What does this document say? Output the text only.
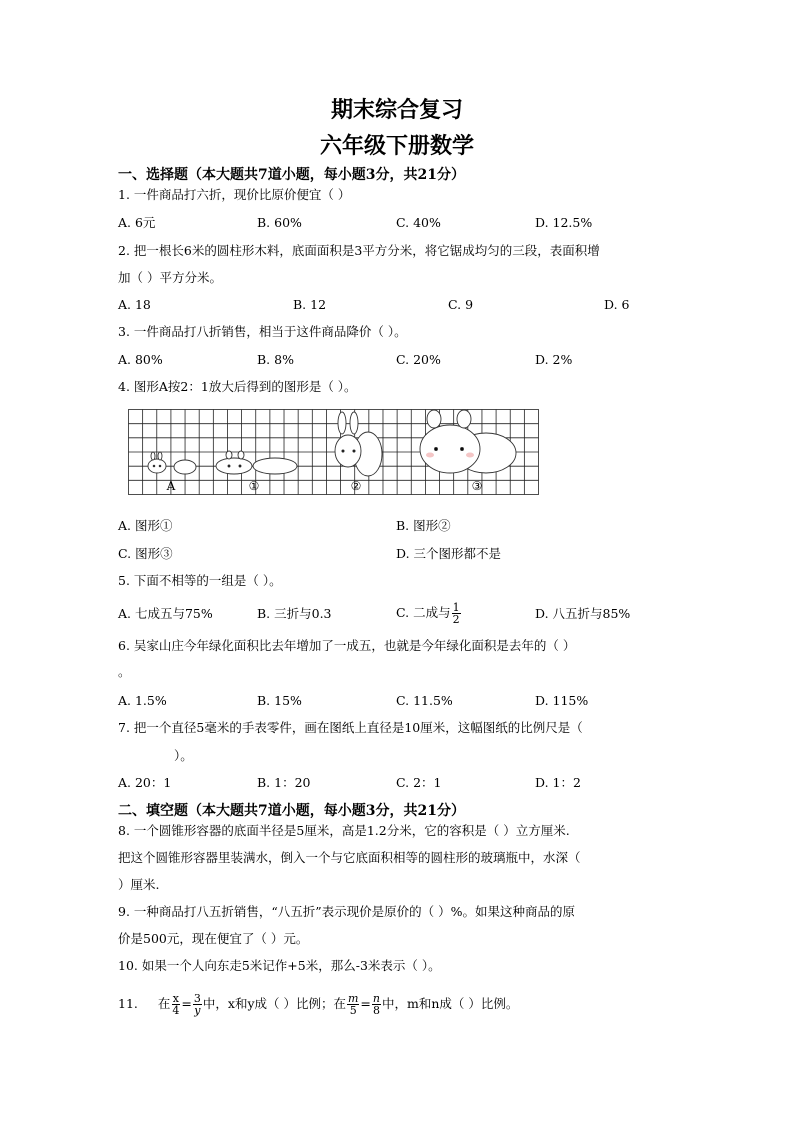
期末综合复习
六年级下册数学
一、选择题（本大题共7道小题，每小题3分，共21分）
1. 一件商品打六折，现价比原价便宜（ ）
A. 6元	B. 60%	C. 40%	D. 12.5%
2. 把一根长6米的圆柱形木料，底面面积是3平方分米，将它锯成均匀的三段，表面积增
加（ ）平方分米。
A. 18	B. 12	C. 9	D. 6
3. 一件商品打八折销售，相当于这件商品降价（ ）。
A. 80%	B. 8%	C. 20%	D. 2%
4. 图形A按2：1放大后得到的图形是（ ）。
A	①	②	③
A. 图形①	B. 图形②
C. 图形③	D. 三个图形都不是
5. 下面不相等的一组是（ ）。
A. 七成五与75%	B. 三折与0.3	C. 二成与 $\frac{1}{2}$	D. 八五折与85%
6. 吴家山庄今年绿化面积比去年增加了一成五，也就是今年绿化面积是去年的（ ）
。
A. 1.5%	B. 15%	C. 11.5%	D. 115%
7. 把一个直径5毫米的手表零件，画在图纸上直径是10厘米，这幅图纸的比例尺是（
）。
A. 20：1	B. 1：20	C. 2：1	D. 1：2
二、填空题（本大题共7道小题，每小题3分，共21分）
8. 一个圆锥形容器的底面半径是5厘米，高是1.2分米，它的容积是（ ）立方厘米.
把这个圆锥形容器里装满水，倒入一个与它底面积相等的圆柱形的玻璃瓶中，水深（
）厘米.
9. 一种商品打八五折销售，“八五折”表示现价是原价的（ ）%。如果这种商品的原
价是500元，现在便宜了（ ）元。
10. 如果一个人向东走5米记作+5米，那么-3米表示（ ）。
11. 在 $\frac{x}{4} = \frac{3}{y}$ 中，x和y成（ ）比例；在 $\frac{m}{5} = \frac{n}{8}$ 中，m和n成（ ）比例。
